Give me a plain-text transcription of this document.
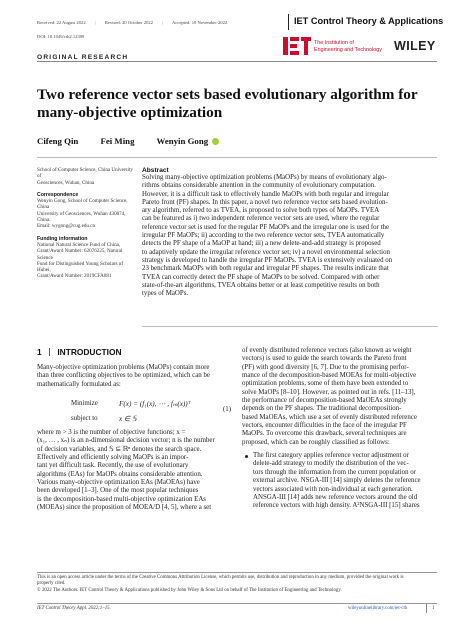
Received: 22 August 2022 | Revised: 20 October 2022 | Accepted: 10 November 2022
DOI: 10.1049/cth2.12399
IET Control Theory & Applications
The Institution of
Engineering and Technology WILEY
ORIGINAL RESEARCH
Two reference vector sets based evolutionary algorithm for
many-objective optimization
Cifeng Qin	Fei Ming	Wenyin Gong
School of Computer Science, China University of
Geosciences, Wuhan, China
Correspondence
Wenyin Gong, School of Computer Science, China
University of Geosciences, Wuhan 430074, China.
Email: wygong@cug.edu.cn
Funding information
National Natural Science Fund of China,
Grant/Award Number: 62076225, Natural Science
Fund for Distinguished Young Scholars of Hubei,
Grant/Award Number: 2019CFA081
Abstract
Solving many-objective optimization problems (MaOPs) by means of evolutionary algo-
rithms obtains considerable attention in the community of evolutionary computation.
However, it is a difficult task to effectively handle MaOPs with both regular and irregular
Pareto front (PF) shapes. In this paper, a novel two reference vector sets based evolution-
ary algorithm, referred to as TVEA, is proposed to solve both types of MaOPs. TVEA
can be featured as i) two independent reference vector sets are used, where the regular
reference vector set is used for the regular PF MaOPs and the irregular one is used for the
irregular PF MaOPs; ii) according to the two reference vector sets, TVEA automatically
detects the PF shape of a MaOP at hand; iii) a new delete-and-add strategy is proposed
to adaptively update the irregular reference vector set; iv) a novel environmental selection
strategy is developed to handle the irregular PF MaOPs. TVEA is extensively evaluated on
23 benchmark MaOPs with both regular and irregular PF shapes. The results indicate that
TVEA can correctly detect the PF shape of MaOPs to be solved. Compared with other
state-of-the-art algorithms, TVEA obtains better or at least competitive results on both
types of MaOPs.
1 INTRODUCTION

Many-objective optimization problems (MaOPs) contain more
than three conflicting objectives to be optimized, which can be
mathematically formulated as:

Minimize	F(x) = (f₁(x), ⋯ , fₘ(x))ᵀ
(1)
subject to	x ∈ 𝕊

where m > 3 is the number of objective functions; x =
(x₁, … , xₙ) is an n-dimensional decision vector; n is the number
of decision variables, and 𝕊 ⊆ ℝⁿ denotes the search space.
Effectively and efficiently solving MaOPs is an impor-
tant yet difficult task. Recently, the use of evolutionary
algorithms (EAs) for MaOPs obtains considerable attention.
Various many-objective optimization EAs (MaOEAs) have
been developed [1–3]. One of the most popular techniques
is the decomposition-based multi-objective optimization EAs
(MOEAs) since the proposition of MOEA/D [4, 5], where a set

of evenly distributed reference vectors (also known as weight
vectors) is used to guide the search towards the Pareto front
(PF) with good diversity [6, 7]. Due to the promising perfor-
mance of the decomposition-based MOEAs for multi-objective
optimization problems, some of them have been extended to
solve MaOPs [8–10]. However, as pointed out in refs. [11–13],
the performance of decomposition-based MaOEAs strongly
depends on the PF shapes. The traditional decomposition-
based MaOEAs, which use a set of evenly distributed reference
vectors, encounter difficulties in the face of the irregular PF
MaOPs. To overcome this drawback, several techniques are
proposed, which can be roughly classified as follows:

The first category applies reference vector adjustment or
delete-add strategy to modify the distribution of the vec-
tors through the information from the current population or
external archive. NSGA-III [14] simply deletes the reference
vectors associated with non-individual at each generation.
ANSGA-III [14] adds new reference vectors around the old
reference vectors with high density. A²NSGA-III [15] shares

This is an open access article under the terms of the Creative Commons Attribution License, which permits use, distribution and reproduction in any medium, provided the original work is
properly cited.
© 2022 The Authors. IET Control Theory & Applications published by John Wiley & Sons Ltd on behalf of The Institution of Engineering and Technology.
IET Control Theory Appl. 2022;1–15.	wileyonlinelibrary.com/iet-cth	1
